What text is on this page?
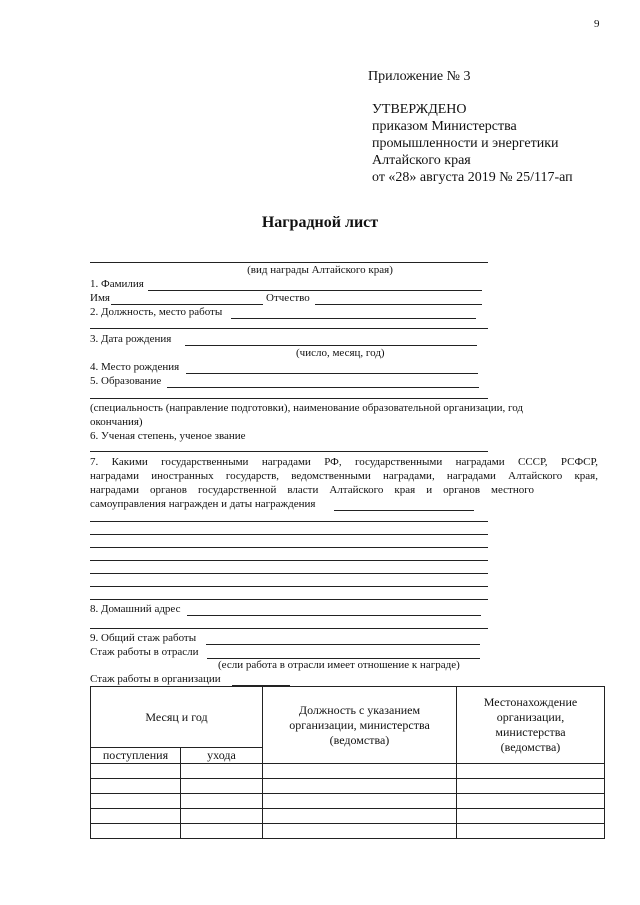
9
Приложение № 3
УТВЕРЖДЕНО
приказом Министерства
промышленности и энергетики
Алтайского края
от «28» августа 2019 № 25/117-ап
Наградной лист
(вид награды Алтайского края)
1. Фамилия
Имя	Отчество
2. Должность, место работы
3. Дата рождения
(число, месяц, год)
4. Место рождения
5. Образование
(специальность (направление подготовки), наименование образовательной организации, год
окончания)
6. Ученая степень, ученое звание
7. Какими государственными наградами РФ, государственными наградами СССР, РСФСР,
наградами иностранных государств, ведомственными наградами, наградами Алтайского края,
наградами органов государственной власти Алтайского края и органов местного
самоуправления награжден и даты награждения
8. Домашний адрес
9. Общий стаж работы
Стаж работы в отрасли
(если работа в отрасли имеет отношение к награде)
Стаж работы в организации
Месяц и год		Должность с указанием организации, министерства (ведомства)	Местонахождение организации, министерства (ведомства)
поступления	ухода		
